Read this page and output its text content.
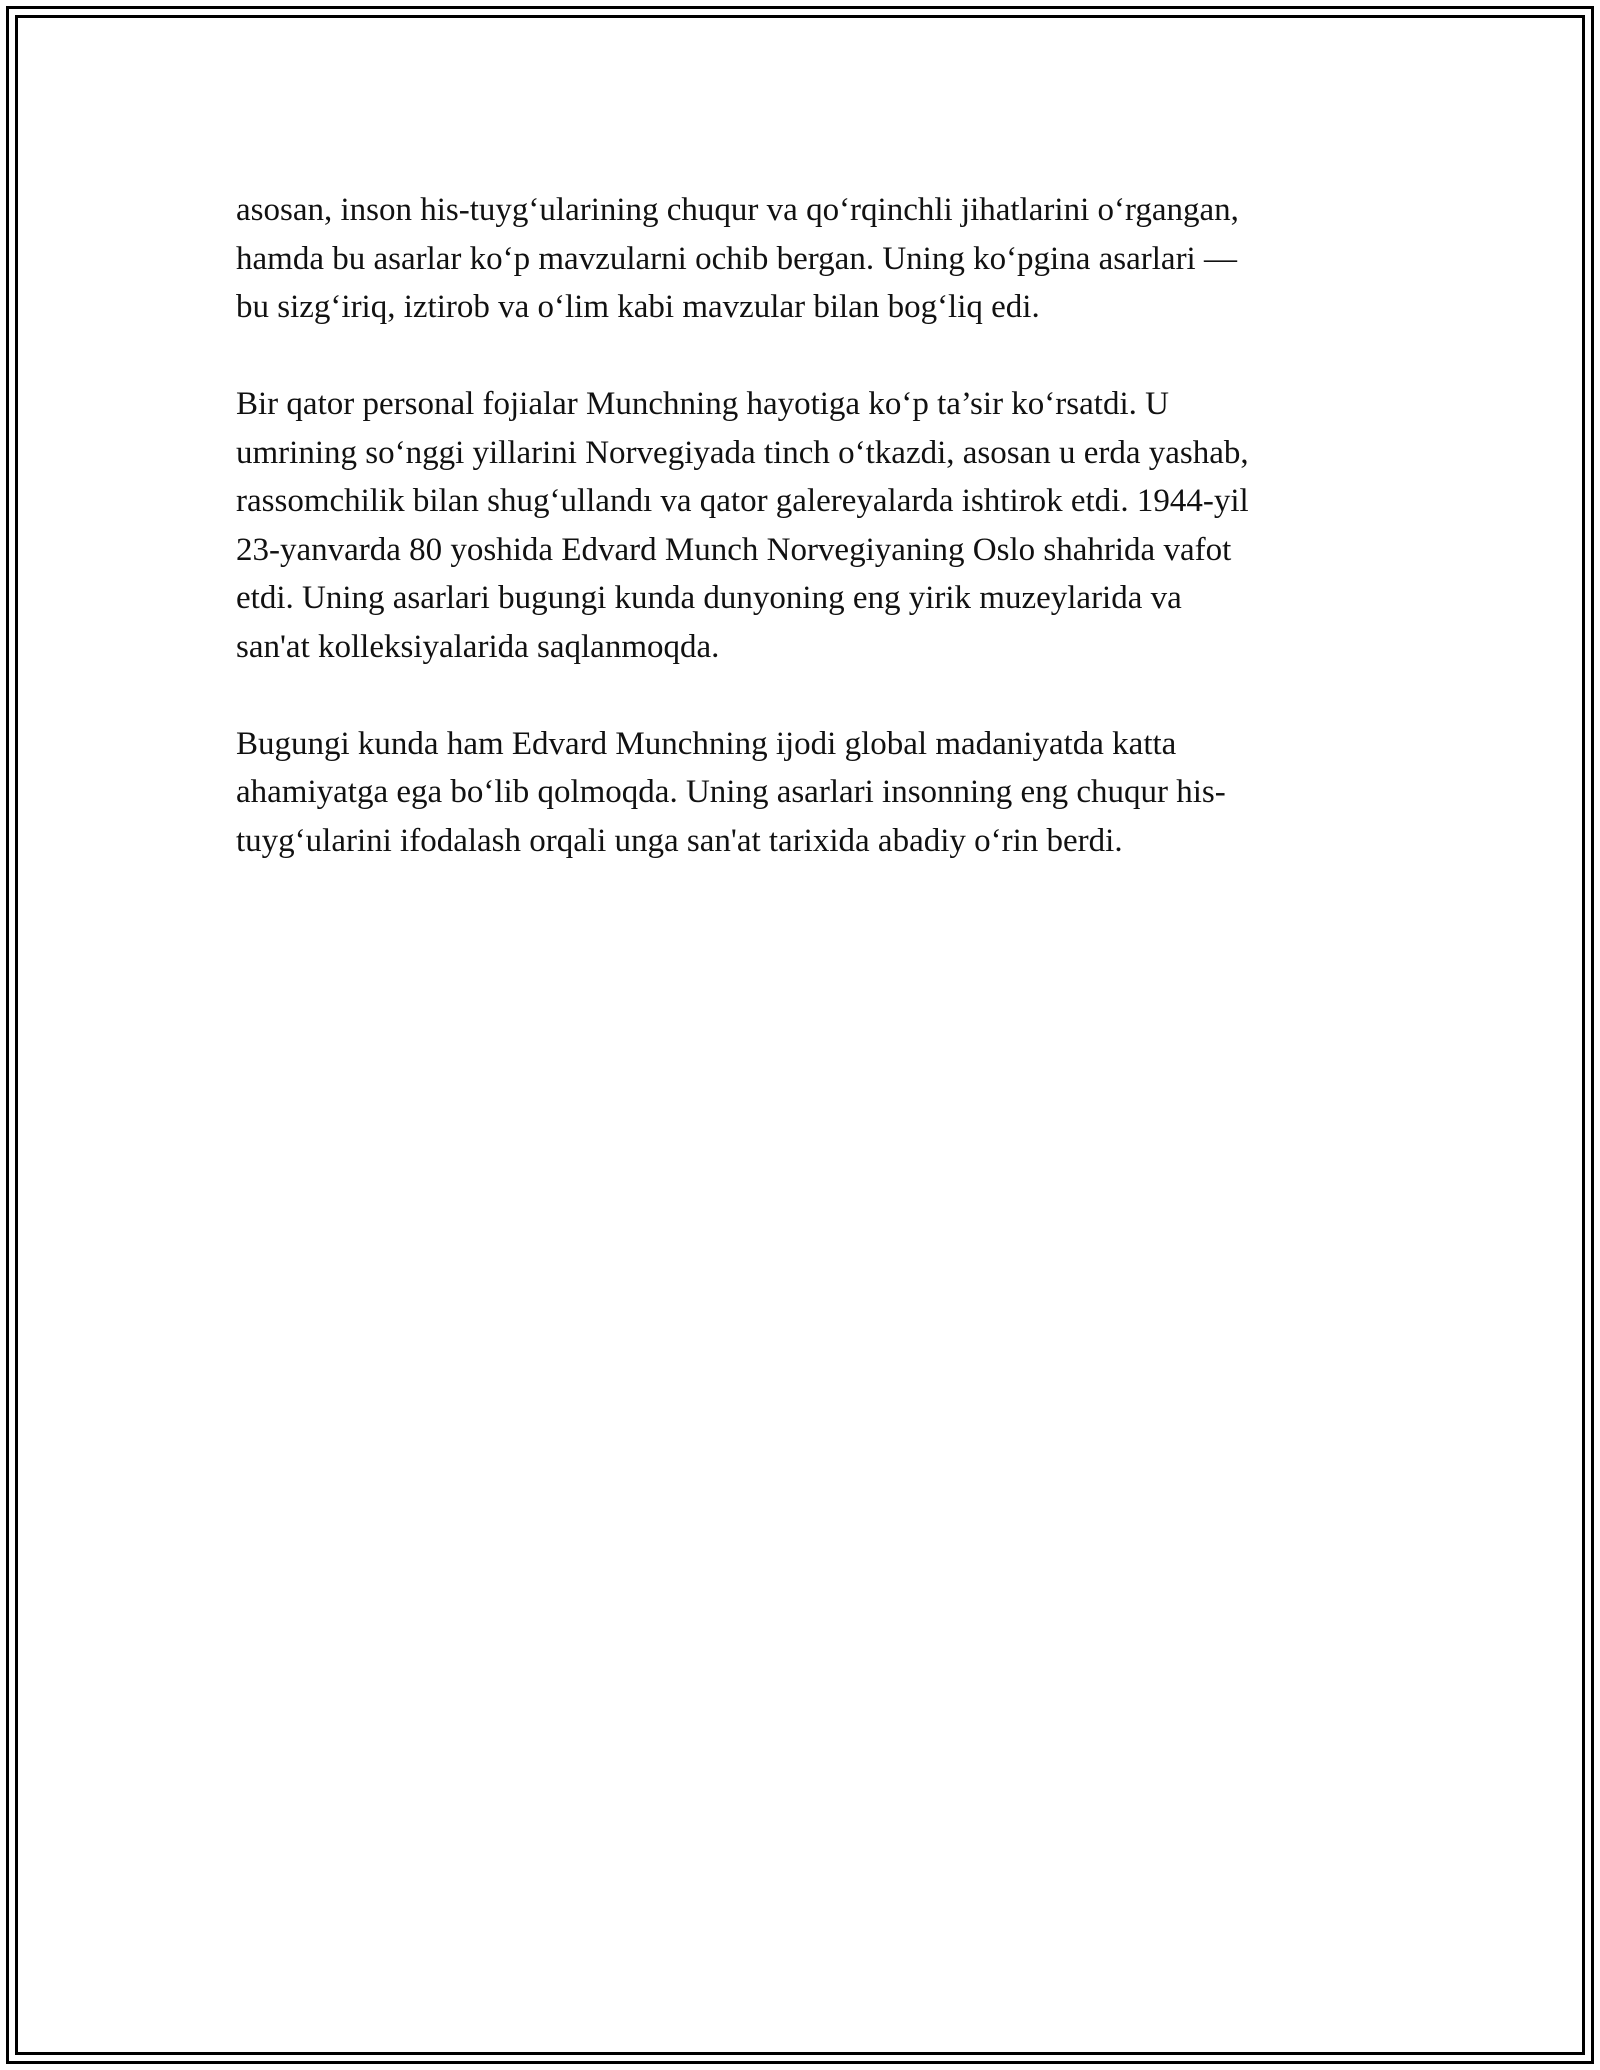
asosan, inson his-tuyg‘ularining chuqur va qo‘rqinchli jihatlarini o‘rgangan,
hamda bu asarlar ko‘p mavzularni ochib bergan. Uning ko‘pgina asarlari —
bu sizg‘iriq, iztirob va o‘lim kabi mavzular bilan bog‘liq edi.

Bir qator personal fojialar Munchning hayotiga ko‘p ta’sir ko‘rsatdi. U
umrining so‘nggi yillarini Norvegiyada tinch o‘tkazdi, asosan u erda yashab,
rassomchilik bilan shug‘ullandı va qator galereyalarda ishtirok etdi. 1944-yil
23-yanvarda 80 yoshida Edvard Munch Norvegiyaning Oslo shahrida vafot
etdi. Uning asarlari bugungi kunda dunyoning eng yirik muzeylarida va
san'at kolleksiyalarida saqlanmoqda.

Bugungi kunda ham Edvard Munchning ijodi global madaniyatda katta
ahamiyatga ega bo‘lib qolmoqda. Uning asarlari insonning eng chuqur his-
tuyg‘ularini ifodalash orqali unga san'at tarixida abadiy o‘rin berdi.
